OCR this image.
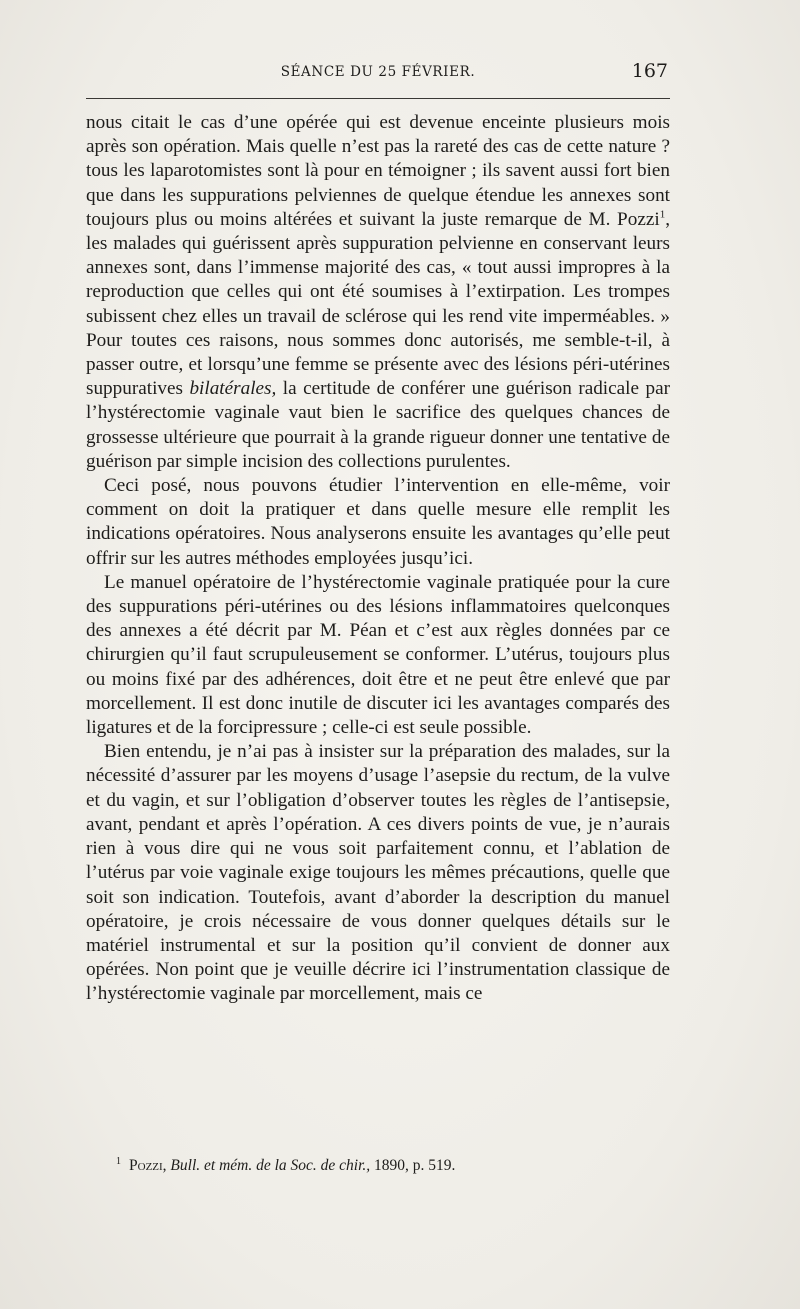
SÉANCE DU 25 FÉVRIER.	167

nous citait le cas d’une opérée qui est devenue enceinte plusieurs mois après son opération. Mais quelle n’est pas la rareté des cas de cette nature ? tous les laparotomistes sont là pour en témoigner ; ils savent aussi fort bien que dans les suppurations pelviennes de quelque étendue les annexes sont toujours plus ou moins altérées et suivant la juste remarque de M. Pozzi$^1$, les malades qui guérissent après suppuration pelvienne en conservant leurs annexes sont, dans l’immense majorité des cas, « tout aussi impropres à la reproduction que celles qui ont été soumises à l’extirpation. Les trompes subissent chez elles un travail de sclérose qui les rend vite imperméables. » Pour toutes ces raisons, nous sommes donc autorisés, me semble-t-il, à passer outre, et lorsqu’une femme se présente avec des lésions péri-utérines suppuratives bilatérales, la certitude de conférer une guérison radicale par l’hystérectomie vaginale vaut bien le sacrifice des quelques chances de grossesse ultérieure que pourrait à la grande rigueur donner une tentative de guérison par simple incision des collections purulentes.

Ceci posé, nous pouvons étudier l’intervention en elle-même, voir comment on doit la pratiquer et dans quelle mesure elle remplit les indications opératoires. Nous analyserons ensuite les avantages qu’elle peut offrir sur les autres méthodes employées jusqu’ici.

Le manuel opératoire de l’hystérectomie vaginale pratiquée pour la cure des suppurations péri-utérines ou des lésions inflammatoires quelconques des annexes a été décrit par M. Péan et c’est aux règles données par ce chirurgien qu’il faut scrupuleusement se conformer. L’utérus, toujours plus ou moins fixé par des adhérences, doit être et ne peut être enlevé que par morcellement. Il est donc inutile de discuter ici les avantages comparés des ligatures et de la forcipressure ; celle-ci est seule possible.

Bien entendu, je n’ai pas à insister sur la préparation des malades, sur la nécessité d’assurer par les moyens d’usage l’asepsie du rectum, de la vulve et du vagin, et sur l’obligation d’observer toutes les règles de l’antisepsie, avant, pendant et après l’opération. A ces divers points de vue, je n’aurais rien à vous dire qui ne vous soit parfaitement connu, et l’ablation de l’utérus par voie vaginale exige toujours les mêmes précautions, quelle que soit son indication. Toutefois, avant d’aborder la description du manuel opératoire, je crois nécessaire de vous donner quelques détails sur le matériel instrumental et sur la position qu’il convient de donner aux opérées. Non point que je veuille décrire ici l’instrumentation classique de l’hystérectomie vaginale par morcellement, mais ce

$^1$ Pozzi, Bull. et mém. de la Soc. de chir., 1890, p. 519.
